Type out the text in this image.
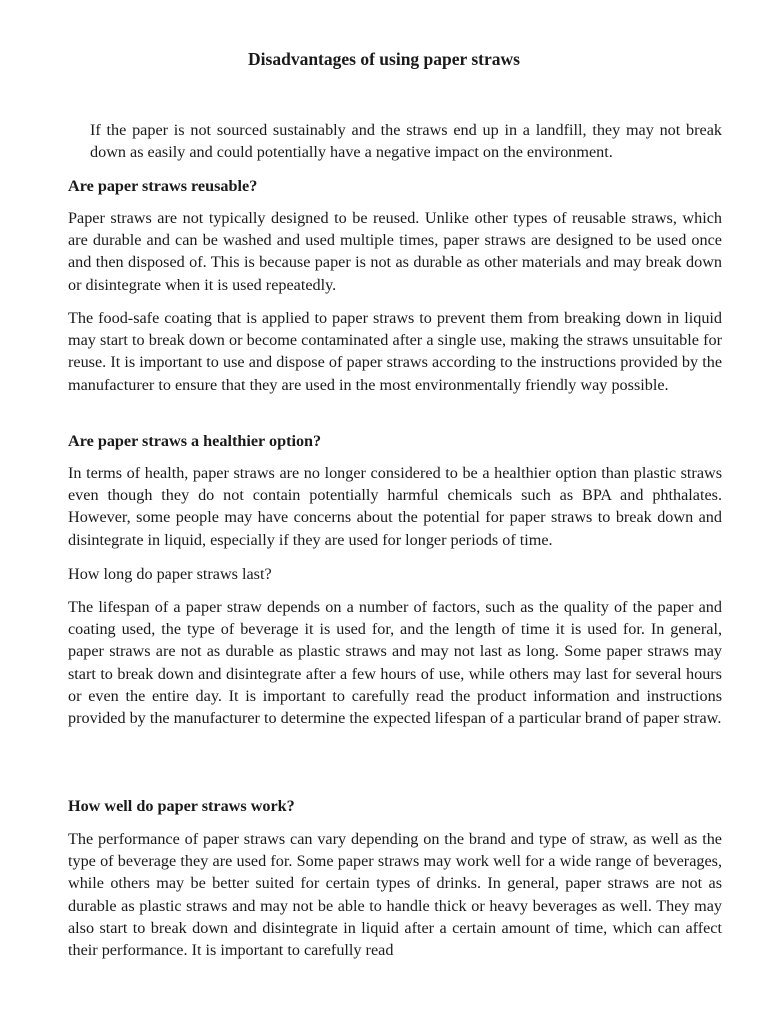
Disadvantages of using paper straws

If the paper is not sourced sustainably and the straws end up in a landfill, they may not break down as easily and could potentially have a negative impact on the environment.

Are paper straws reusable?

Paper straws are not typically designed to be reused. Unlike other types of reusable straws, which are durable and can be washed and used multiple times, paper straws are designed to be used once and then disposed of. This is because paper is not as durable as other materials and may break down or disintegrate when it is used repeatedly.

The food-safe coating that is applied to paper straws to prevent them from breaking down in liquid may start to break down or become contaminated after a single use, making the straws unsuitable for reuse. It is important to use and dispose of paper straws according to the instructions provided by the manufacturer to ensure that they are used in the most environmentally friendly way possible.

Are paper straws a healthier option?

In terms of health, paper straws are no longer considered to be a healthier option than plastic straws even though they do not contain potentially harmful chemicals such as BPA and phthalates. However, some people may have concerns about the potential for paper straws to break down and disintegrate in liquid, especially if they are used for longer periods of time.

How long do paper straws last?

The lifespan of a paper straw depends on a number of factors, such as the quality of the paper and coating used, the type of beverage it is used for, and the length of time it is used for. In general, paper straws are not as durable as plastic straws and may not last as long. Some paper straws may start to break down and disintegrate after a few hours of use, while others may last for several hours or even the entire day. It is important to carefully read the product information and instructions provided by the manufacturer to determine the expected lifespan of a particular brand of paper straw.

How well do paper straws work?

The performance of paper straws can vary depending on the brand and type of straw, as well as the type of beverage they are used for. Some paper straws may work well for a wide range of beverages, while others may be better suited for certain types of drinks. In general, paper straws are not as durable as plastic straws and may not be able to handle thick or heavy beverages as well. They may also start to break down and disintegrate in liquid after a certain amount of time, which can affect their performance. It is important to carefully read
